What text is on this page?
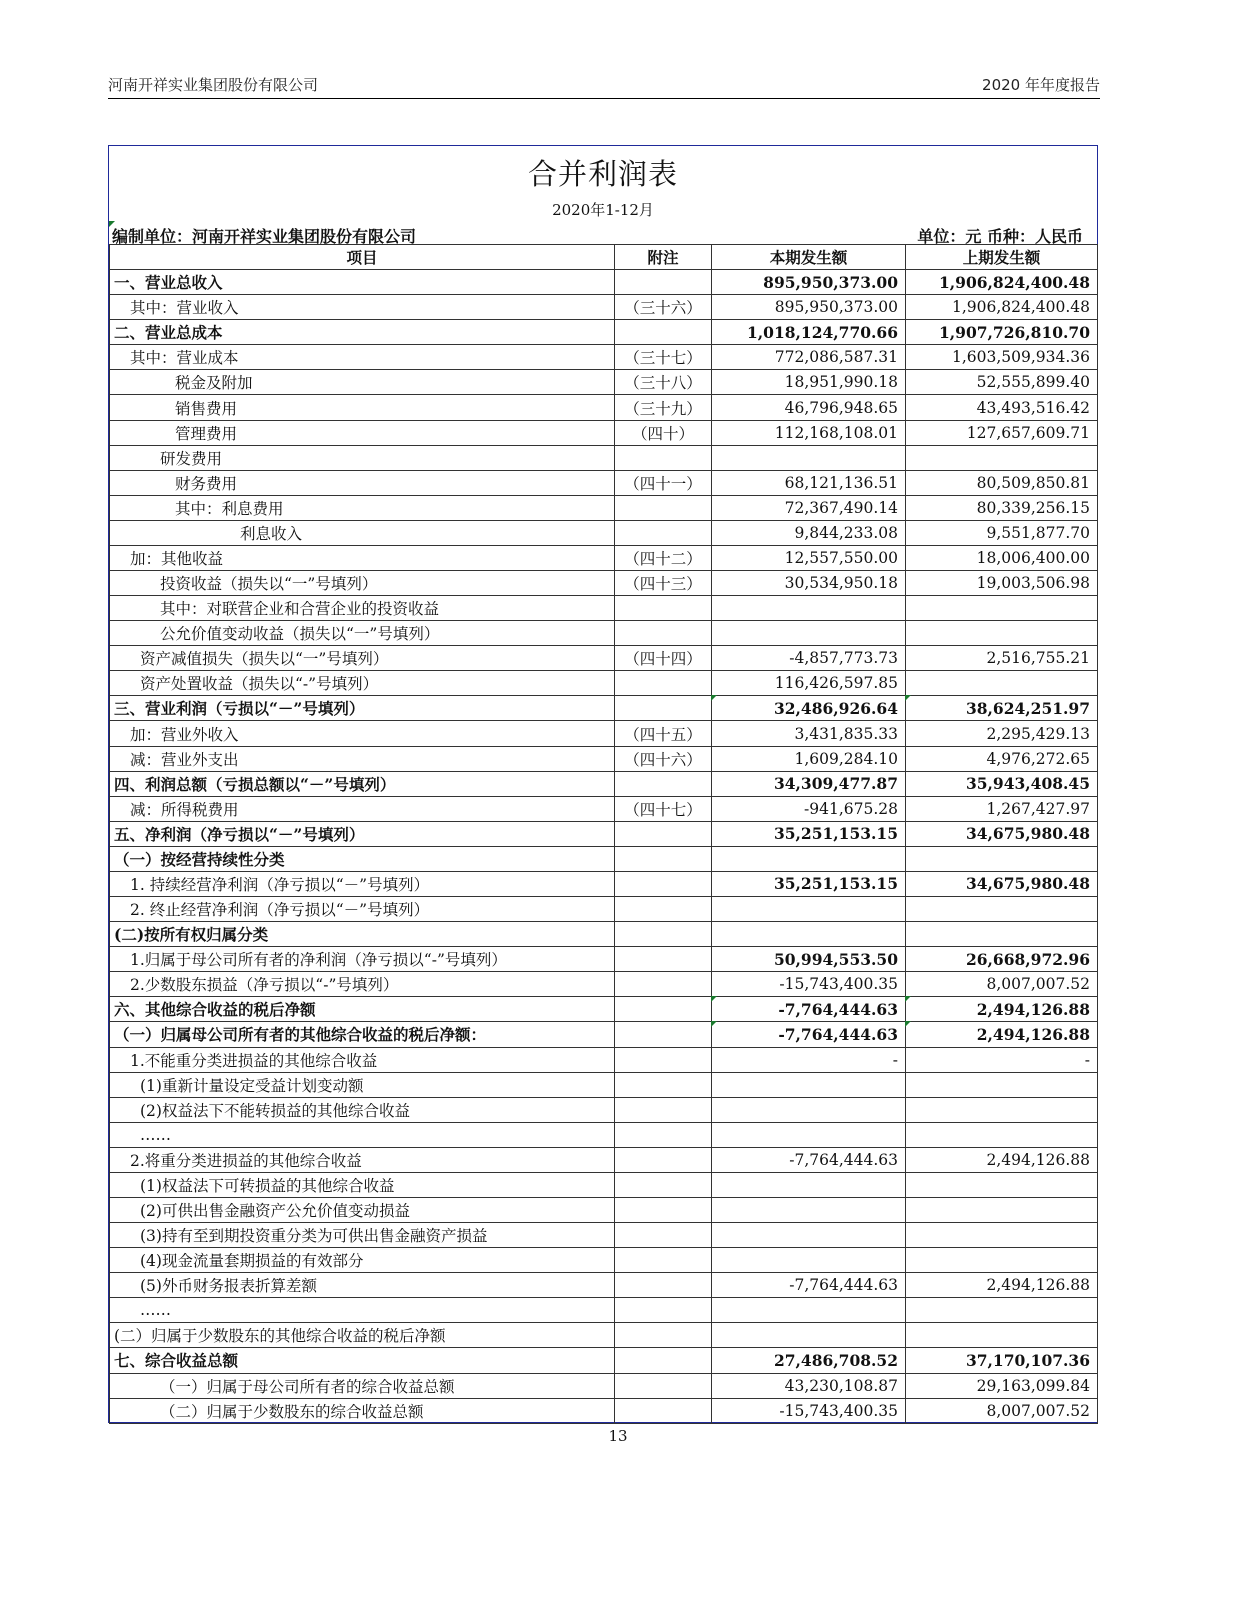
河南开祥实业集团股份有限公司	2020 年年度报告
合并利润表
2020年1-12月
编制单位：河南开祥实业集团股份有限公司	单位：元 币种：人民币
项目	附注	本期发生额	上期发生额
一、营业总收入		895,950,373.00	1,906,824,400.48
其中：营业收入	（三十六）	895,950,373.00	1,906,824,400.48
二、营业总成本		1,018,124,770.66	1,907,726,810.70
其中：营业成本	（三十七）	772,086,587.31	1,603,509,934.36
税金及附加	（三十八）	18,951,990.18	52,555,899.40
销售费用	（三十九）	46,796,948.65	43,493,516.42
管理费用	（四十）	112,168,108.01	127,657,609.71
研发费用			
财务费用	（四十一）	68,121,136.51	80,509,850.81
其中：利息费用		72,367,490.14	80,339,256.15
利息收入		9,844,233.08	9,551,877.70
加：其他收益	（四十二）	12,557,550.00	18,006,400.00
投资收益（损失以“一”号填列）	（四十三）	30,534,950.18	19,003,506.98
其中：对联营企业和合营企业的投资收益			
公允价值变动收益（损失以“一”号填列）			
资产减值损失（损失以“一”号填列）	（四十四）	-4,857,773.73	2,516,755.21
资产处置收益（损失以“-”号填列）		116,426,597.85	
三、营业利润（亏损以“－”号填列）		32,486,926.64	38,624,251.97
加：营业外收入	（四十五）	3,431,835.33	2,295,429.13
减：营业外支出	（四十六）	1,609,284.10	4,976,272.65
四、利润总额（亏损总额以“－”号填列）		34,309,477.87	35,943,408.45
减：所得税费用	（四十七）	-941,675.28	1,267,427.97
五、净利润（净亏损以“－”号填列）		35,251,153.15	34,675,980.48
（一）按经营持续性分类			
1. 持续经营净利润（净亏损以“－”号填列）		35,251,153.15	34,675,980.48
2. 终止经营净利润（净亏损以“－”号填列）			
(二)按所有权归属分类			
1.归属于母公司所有者的净利润（净亏损以“-”号填列）		50,994,553.50	26,668,972.96
2.少数股东损益（净亏损以“-”号填列）		-15,743,400.35	8,007,007.52
六、其他综合收益的税后净额		-7,764,444.63	2,494,126.88
（一）归属母公司所有者的其他综合收益的税后净额：		-7,764,444.63	2,494,126.88
1.不能重分类进损益的其他综合收益		-	-
(1)重新计量设定受益计划变动额			
(2)权益法下不能转损益的其他综合收益			
……			
2.将重分类进损益的其他综合收益		-7,764,444.63	2,494,126.88
(1)权益法下可转损益的其他综合收益			
(2)可供出售金融资产公允价值变动损益			
(3)持有至到期投资重分类为可供出售金融资产损益			
(4)现金流量套期损益的有效部分			
(5)外币财务报表折算差额		-7,764,444.63	2,494,126.88
……			
(二）归属于少数股东的其他综合收益的税后净额			
七、综合收益总额		27,486,708.52	37,170,107.36
（一）归属于母公司所有者的综合收益总额		43,230,108.87	29,163,099.84
（二）归属于少数股东的综合收益总额		-15,743,400.35	8,007,007.52
13
